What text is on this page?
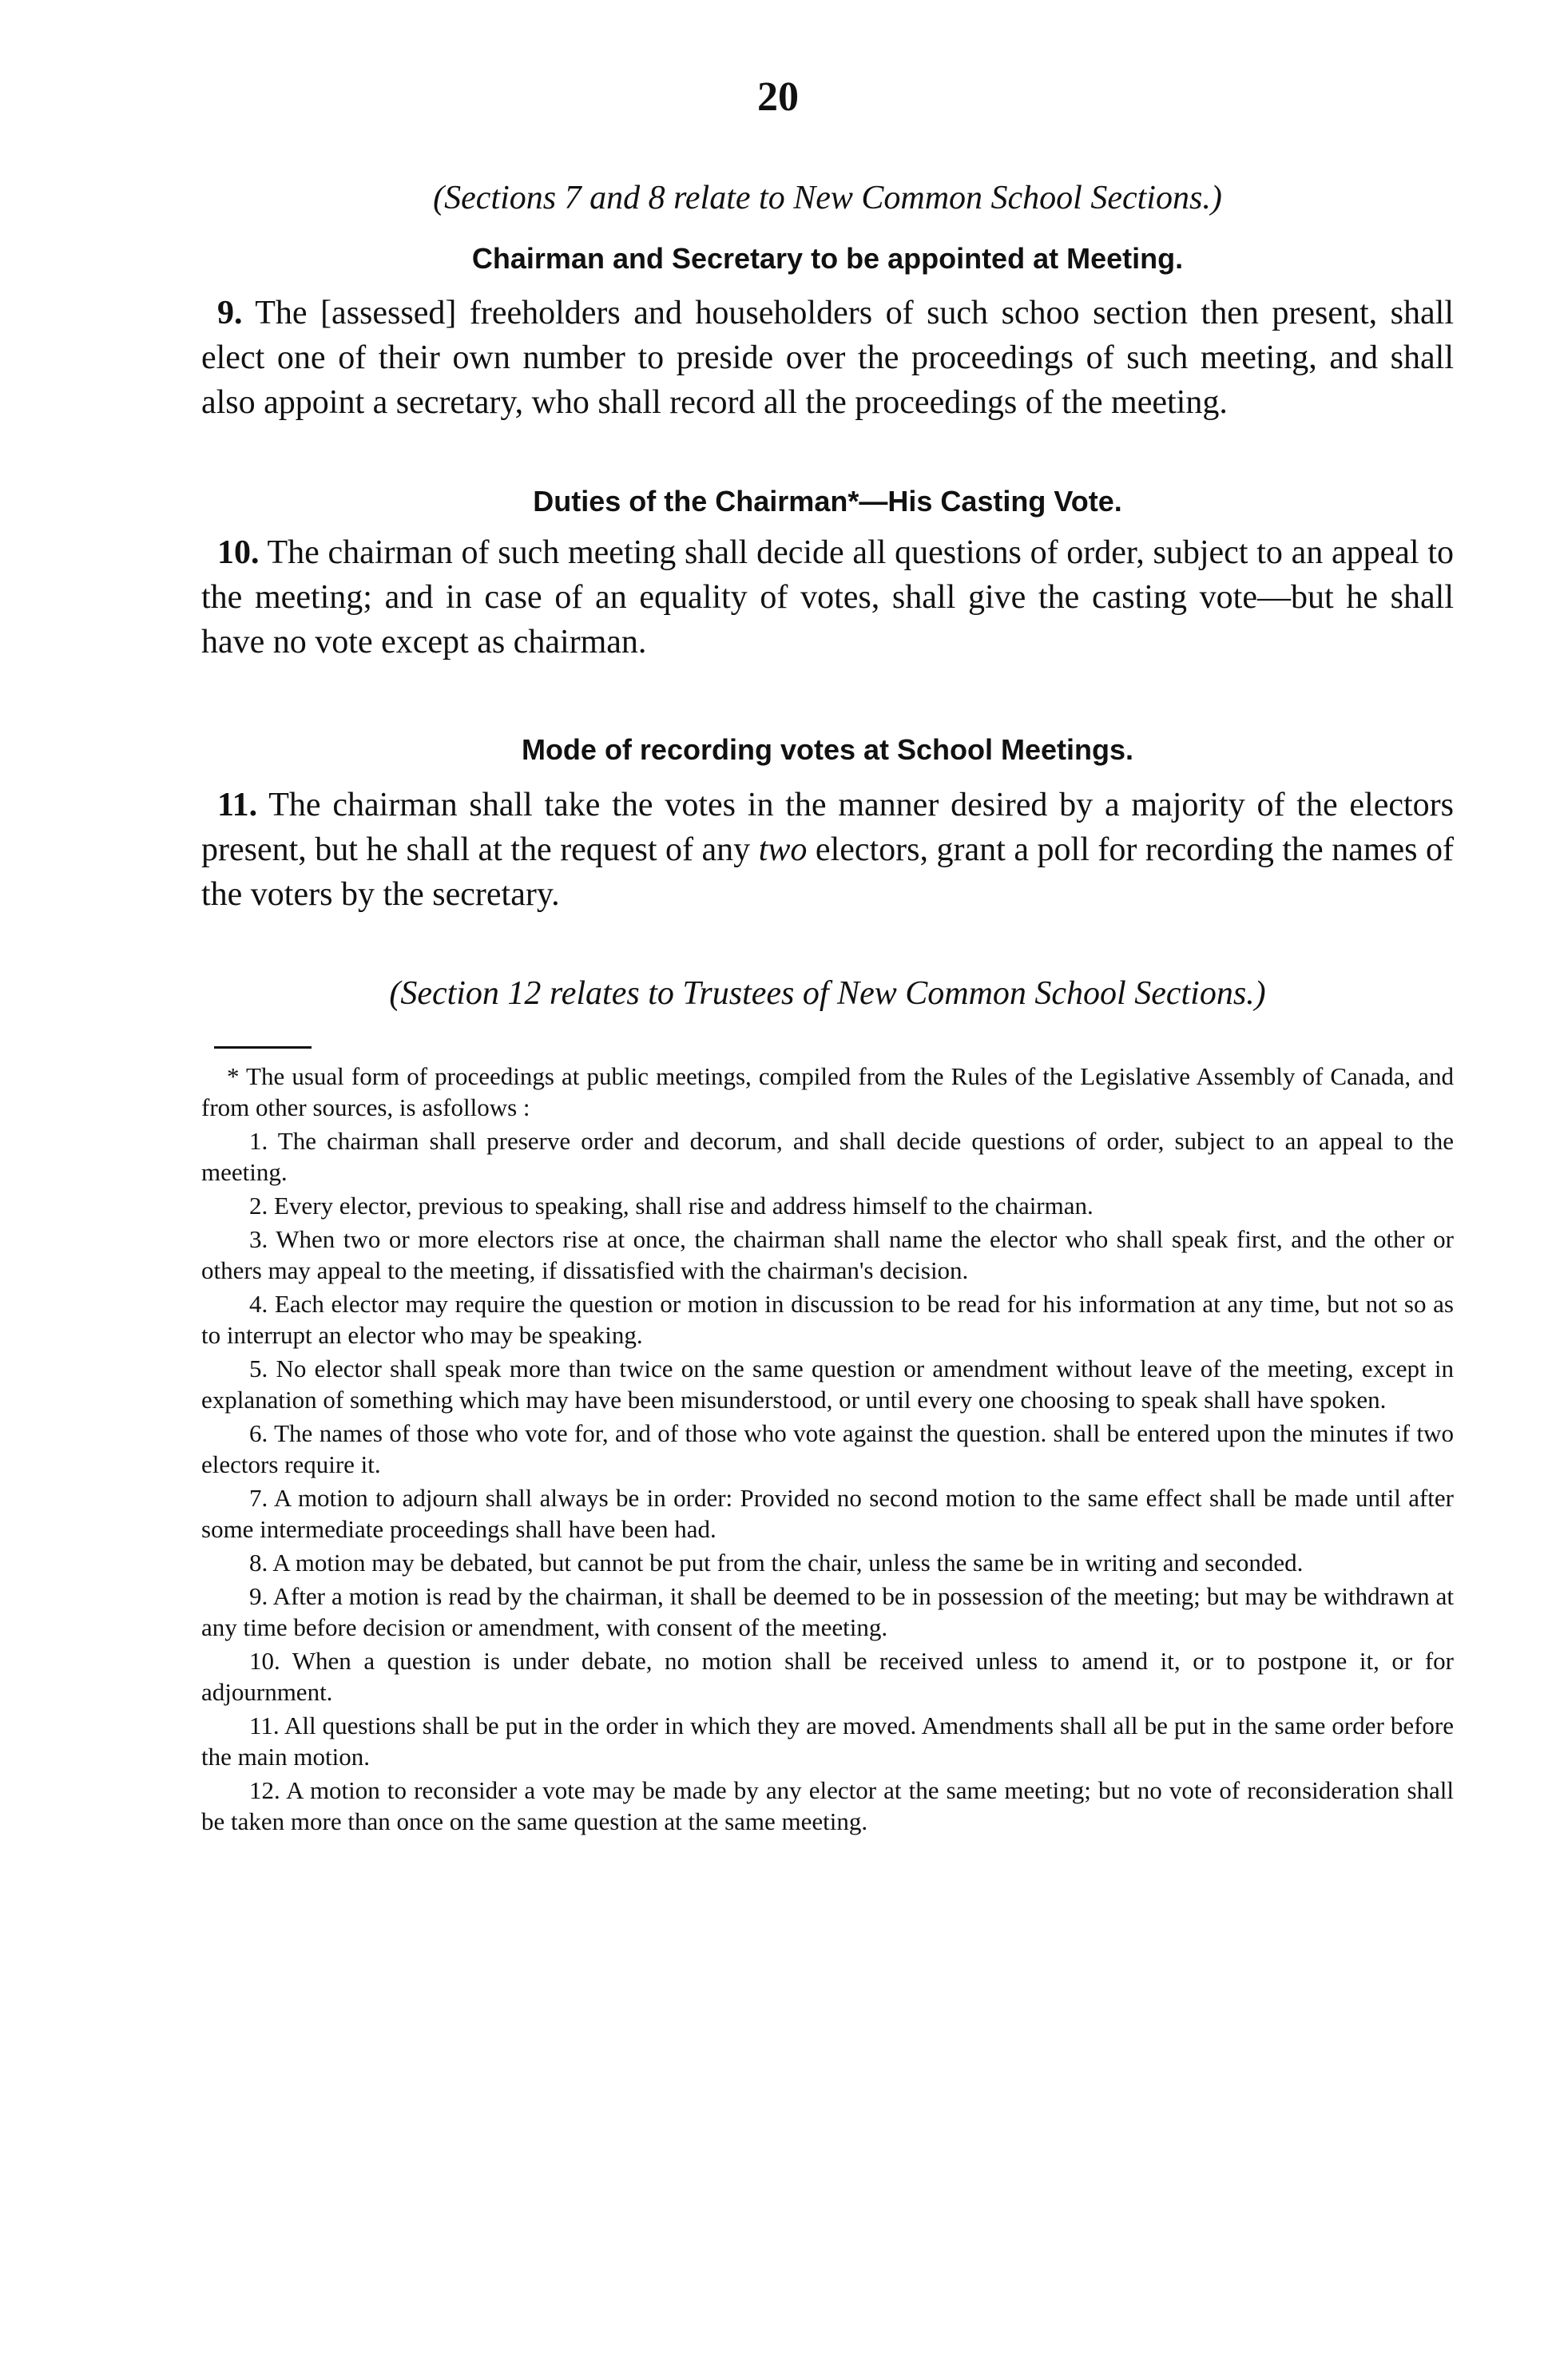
20
(Sections 7 and 8 relate to New Common School Sections.)
Chairman and Secretary to be appointed at Meeting.
9. The [assessed] freeholders and householders of such schoo section then present, shall elect one of their own number to preside over the proceedings of such meeting, and shall also appoint a secretary, who shall record all the proceedings of the meeting.
Duties of the Chairman*—His Casting Vote.
10. The chairman of such meeting shall decide all questions of order, subject to an appeal to the meeting; and in case of an equality of votes, shall give the casting vote—but he shall have no vote except as chairman.
Mode of recording votes at School Meetings.
11. The chairman shall take the votes in the manner desired by a majority of the electors present, but he shall at the request of any two electors, grant a poll for recording the names of the voters by the secretary.
(Section 12 relates to Trustees of New Common School Sections.)
* The usual form of proceedings at public meetings, compiled from the Rules of the Legislative Assembly of Canada, and from other sources, is asfollows :
1. The chairman shall preserve order and decorum, and shall decide questions of order, subject to an appeal to the meeting.
2. Every elector, previous to speaking, shall rise and address himself to the chairman.
3. When two or more electors rise at once, the chairman shall name the elector who shall speak first, and the other or others may appeal to the meeting, if dissatisfied with the chairman's decision.
4. Each elector may require the question or motion in discussion to be read for his information at any time, but not so as to interrupt an elector who may be speaking.
5. No elector shall speak more than twice on the same question or amendment without leave of the meeting, except in explanation of something which may have been misunderstood, or until every one choosing to speak shall have spoken.
6. The names of those who vote for, and of those who vote against the question. shall be entered upon the minutes if two electors require it.
7. A motion to adjourn shall always be in order: Provided no second motion to the same effect shall be made until after some intermediate proceedings shall have been had.
8. A motion may be debated, but cannot be put from the chair, unless the same be in writing and seconded.
9. After a motion is read by the chairman, it shall be deemed to be in possession of the meeting; but may be withdrawn at any time before decision or amendment, with consent of the meeting.
10. When a question is under debate, no motion shall be received unless to amend it, or to postpone it, or for adjournment.
11. All questions shall be put in the order in which they are moved. Amendments shall all be put in the same order before the main motion.
12. A motion to reconsider a vote may be made by any elector at the same meeting; but no vote of reconsideration shall be taken more than once on the same question at the same meeting.
